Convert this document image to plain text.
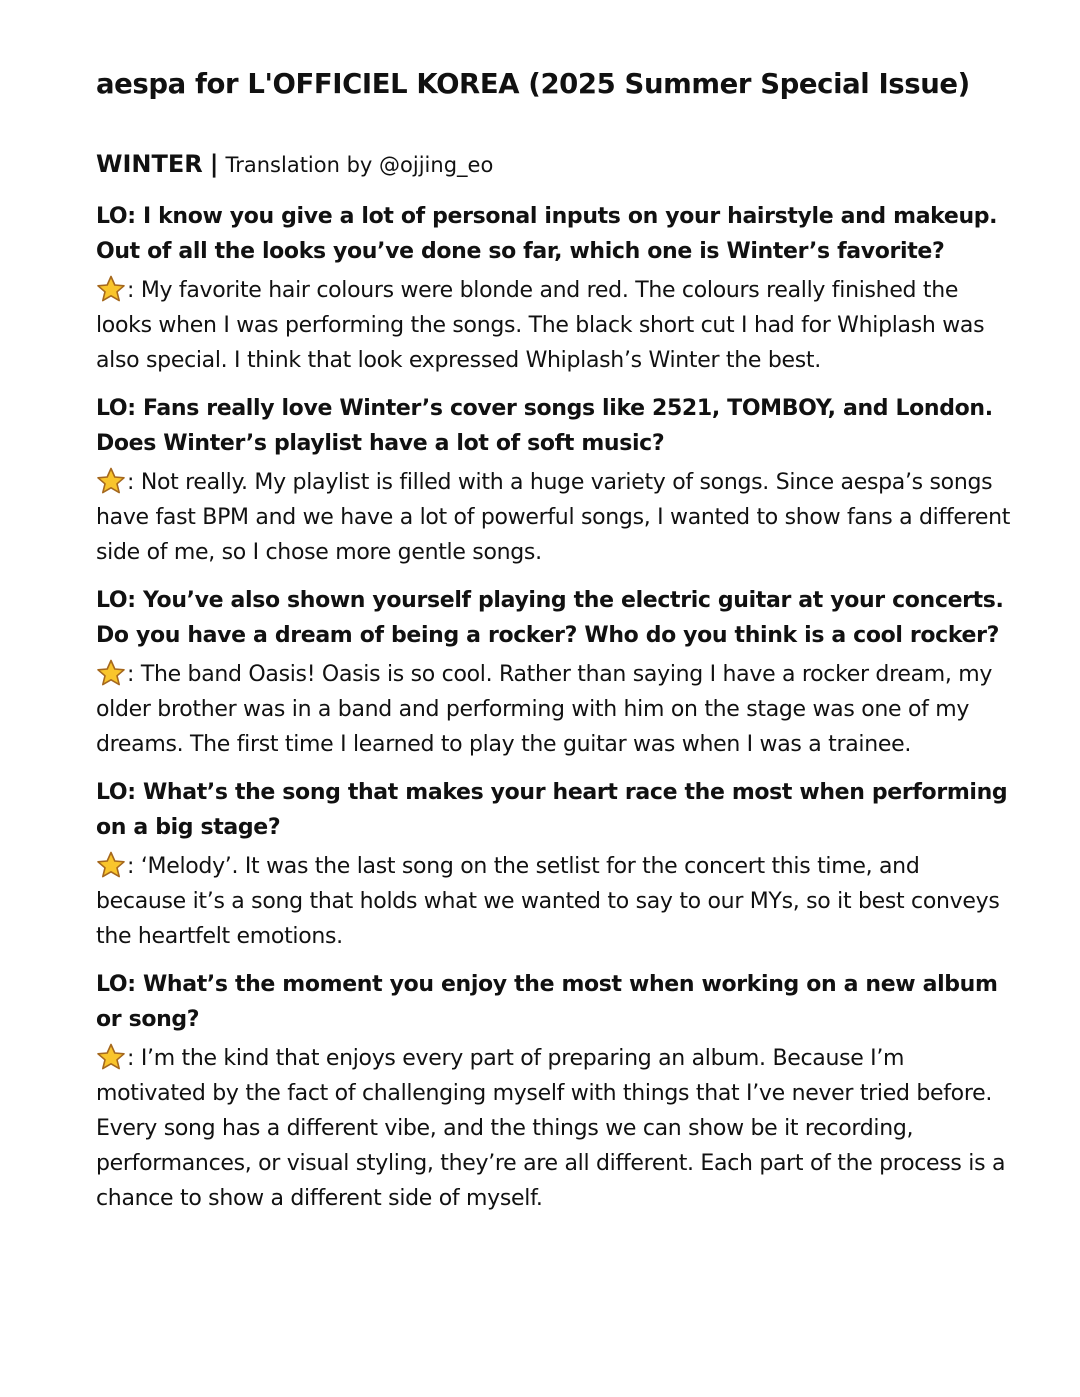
aespa for L'OFFICIEL KOREA (2025 Summer Special Issue)
WINTER | Translation by @ojjing_eo

LO: I know you give a lot of personal inputs on your hairstyle and makeup. Out of all the looks you’ve done so far, which one is Winter’s favorite?

: My favorite hair colours were blonde and red. The colours really finished the looks when I was performing the songs. The black short cut I had for Whiplash was also special. I think that look expressed Whiplash’s Winter the best.

LO: Fans really love Winter’s cover songs like 2521, TOMBOY, and London. Does Winter’s playlist have a lot of soft music?

: Not really. My playlist is filled with a huge variety of songs. Since aespa’s songs have fast BPM and we have a lot of powerful songs, I wanted to show fans a different side of me, so I chose more gentle songs.

LO: You’ve also shown yourself playing the electric guitar at your concerts. Do you have a dream of being a rocker? Who do you think is a cool rocker?

: The band Oasis! Oasis is so cool. Rather than saying I have a rocker dream, my older brother was in a band and performing with him on the stage was one of my dreams. The first time I learned to play the guitar was when I was a trainee.

LO: What’s the song that makes your heart race the most when performing on a big stage?

: ‘Melody’. It was the last song on the setlist for the concert this time, and because it’s a song that holds what we wanted to say to our MYs, so it best conveys the heartfelt emotions.

LO: What’s the moment you enjoy the most when working on a new album or song?

: I’m the kind that enjoys every part of preparing an album. Because I’m motivated by the fact of challenging myself with things that I’ve never tried before. Every song has a different vibe, and the things we can show be it recording, performances, or visual styling, they’re are all different. Each part of the process is a chance to show a different side of myself.
